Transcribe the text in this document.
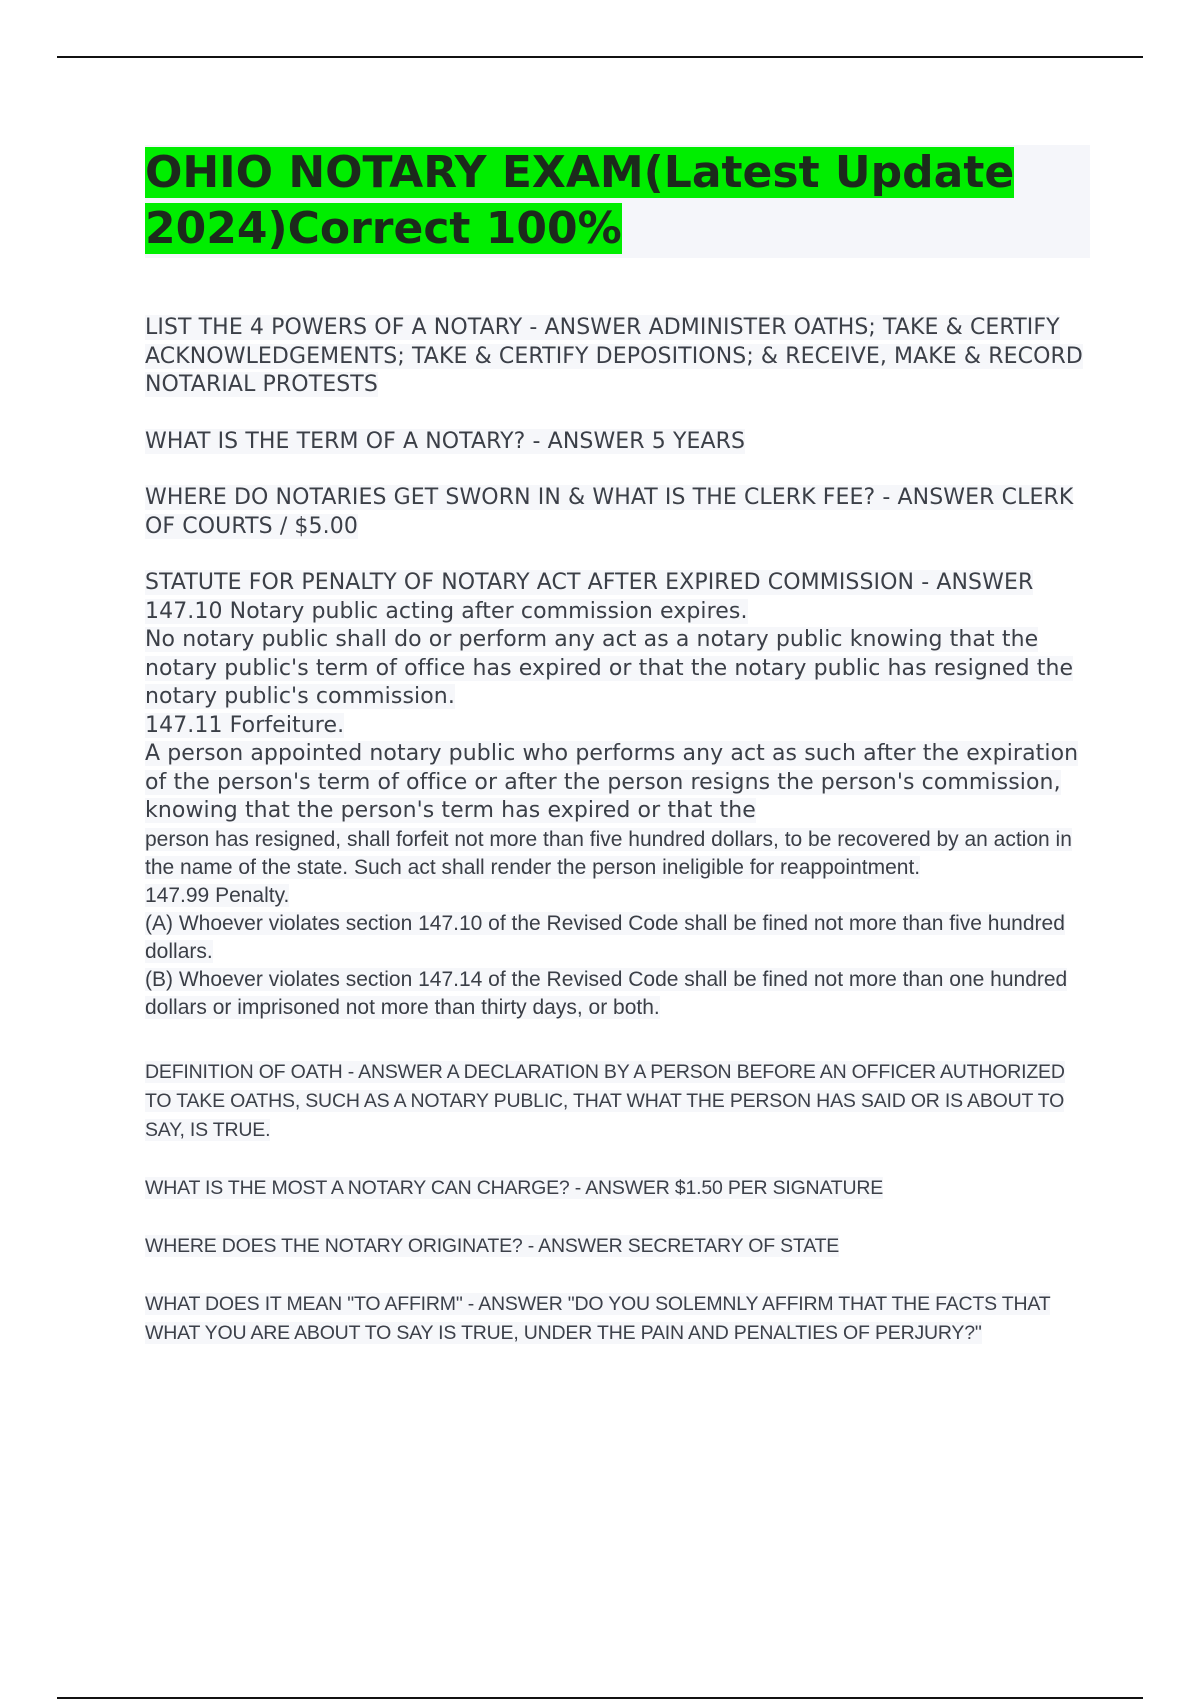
OHIO NOTARY EXAM(Latest Update 2024)Correct 100%
LIST THE 4 POWERS OF A NOTARY - ANSWER ADMINISTER OATHS; TAKE & CERTIFY ACKNOWLEDGEMENTS; TAKE & CERTIFY DEPOSITIONS; & RECEIVE, MAKE & RECORD NOTARIAL PROTESTS
WHAT IS THE TERM OF A NOTARY? - ANSWER 5 YEARS
WHERE DO NOTARIES GET SWORN IN & WHAT IS THE CLERK FEE? - ANSWER CLERK OF COURTS / $5.00

STATUTE FOR PENALTY OF NOTARY ACT AFTER EXPIRED COMMISSION - ANSWER 147.10 Notary public acting after commission expires.

No notary public shall do or perform any act as a notary public knowing that the notary public's term of office has expired or that the notary public has resigned the notary public's commission.

147.11 Forfeiture.

A person appointed notary public who performs any act as such after the expiration of the person's term of office or after the person resigns the person's commission, knowing that the person's term has expired or that the

person has resigned, shall forfeit not more than five hundred dollars, to be recovered by an action in the name of the state. Such act shall render the person ineligible for reappointment.

147.99 Penalty.

(A) Whoever violates section 147.10 of the Revised Code shall be fined not more than five hundred dollars.

(B) Whoever violates section 147.14 of the Revised Code shall be fined not more than one hundred dollars or imprisoned not more than thirty days, or both.

DEFINITION OF OATH - ANSWER A DECLARATION BY A PERSON BEFORE AN OFFICER AUTHORIZED TO TAKE OATHS, SUCH AS A NOTARY PUBLIC, THAT WHAT THE PERSON HAS SAID OR IS ABOUT TO SAY, IS TRUE.
WHAT IS THE MOST A NOTARY CAN CHARGE? - ANSWER $1.50 PER SIGNATURE
WHERE DOES THE NOTARY ORIGINATE? - ANSWER SECRETARY OF STATE
WHAT DOES IT MEAN "TO AFFIRM" - ANSWER "DO YOU SOLEMNLY AFFIRM THAT THE FACTS THAT WHAT YOU ARE ABOUT TO SAY IS TRUE, UNDER THE PAIN AND PENALTIES OF PERJURY?"
